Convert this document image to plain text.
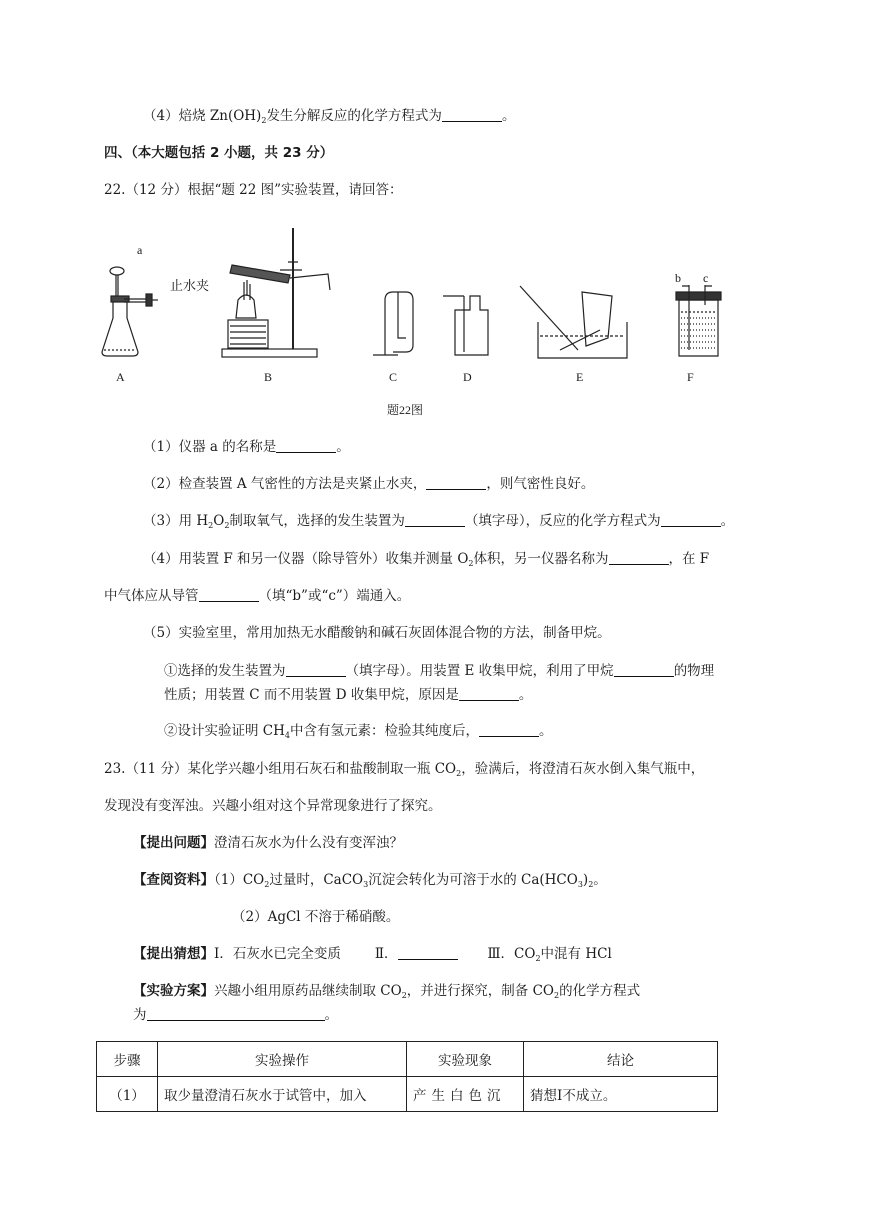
（4）焙烧 $Zn(OH)_2$发生分解反应的化学方程式为	。
四、（本大题包括 2 小题，共 23 分）
22.（12 分）根据“题 22 图”实验装置，请回答：
a
止水夹	b c
A	B	C	D	E	F
题22图
（1）仪器 a 的名称是	。
（2）检查装置 A 气密性的方法是夹紧止水夹，	，则气密性良好。
（3）用 $H_2O_2$制取氧气，选择的发生装置为	（填字母），反应的化学方程式为	。
（4）用装置 F 和另一仪器（除导管外）收集并测量 $O_2$体积，另一仪器名称为	，在 F
中气体应从导管	（填“b”或“c”）端通入。
（5）实验室里，常用加热无水醋酸钠和碱石灰固体混合物的方法，制备甲烷。
①选择的发生装置为	（填字母）。用装置 E 收集甲烷，利用了甲烷	的物理
性质；用装置 C 而不用装置 D 收集甲烷，原因是	。
②设计实验证明 $CH_4$中含有氢元素：检验其纯度后，	。
23.（11 分）某化学兴趣小组用石灰石和盐酸制取一瓶 $CO_2$，验满后，将澄清石灰水倒入集气瓶中，
发现没有变浑浊。兴趣小组对这个异常现象进行了探究。
【提出问题】澄清石灰水为什么没有变浑浊？
【查阅资料】$(1)CO_2$过量时，CaCO$_3$沉淀会转化为可溶于水的 $Ca(HCO_3)_2$。
（2）AgCl 不溶于稀硝酸。
【提出猜想】Ⅰ．石灰水已完全变质	Ⅱ．	Ⅲ．$CO_2$中混有 HCl
【实验方案】兴趣小组用原药品继续制取 $CO_2$，并进行探究，制备 $CO_2$的化学方程式
为	。
步骤	实验操作	实验现象	结论
（1）	取少量澄清石灰水于试管中，加入	产生白色沉	猜想Ⅰ不成立。
